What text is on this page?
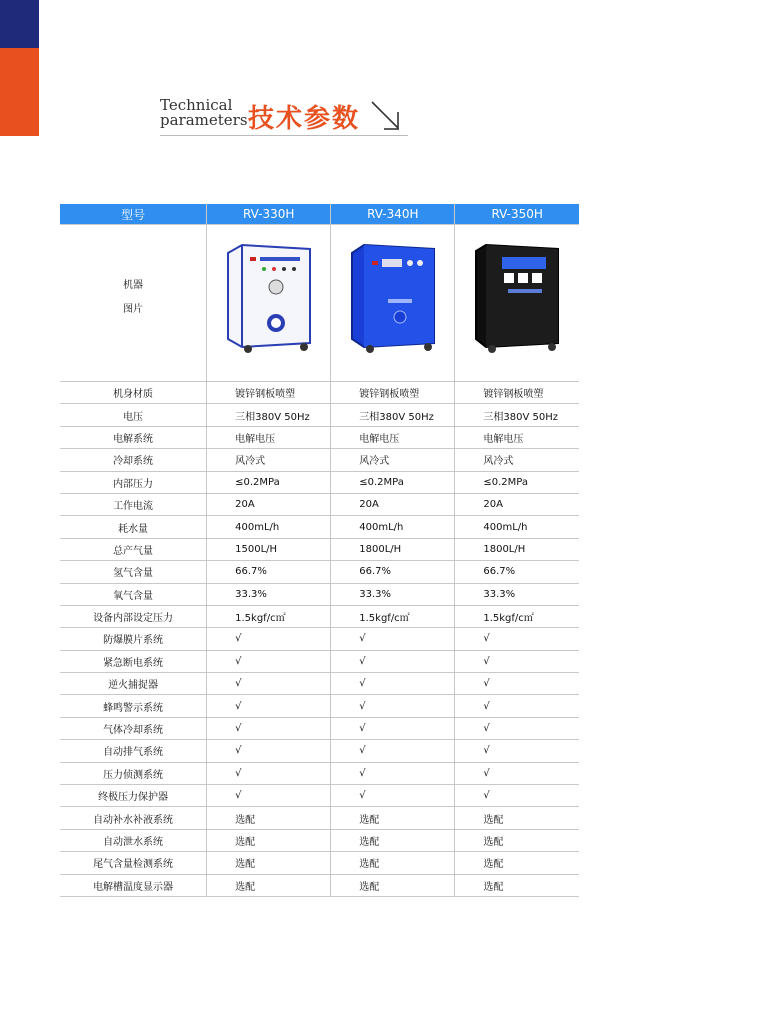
Technical
parameters 技术参数
型号	RV-330H	RV-340H	RV-350H

机器
图片

机身材质	镀锌钢板喷塑	镀锌钢板喷塑	镀锌钢板喷塑
电压	三相380V 50Hz	三相380V 50Hz	三相380V 50Hz
电解系统	电解电压	电解电压	电解电压
冷却系统	风冷式	风冷式	风冷式
内部压力	≤0.2MPa	≤0.2MPa	≤0.2MPa
工作电流	20A	20A	20A
耗水量	400mL/h	400mL/h	400mL/h
总产气量	1500L/H	1800L/H	1800L/H
氢气含量	66.7%	66.7%	66.7%
氧气含量	33.3%	33.3%	33.3%
设备内部设定压力	1.5kgf/c㎡	1.5kgf/c㎡	1.5kgf/c㎡
防爆膜片系统	√	√	√
紧急断电系统	√	√	√
逆火捕捉器	√	√	√
蜂鸣警示系统	√	√	√
气体冷却系统	√	√	√
自动排气系统	√	√	√
压力侦测系统	√	√	√
终极压力保护器	√	√	√
自动补水补液系统	选配	选配	选配
自动泄水系统	选配	选配	选配
尾气含量检测系统	选配	选配	选配
电解槽温度显示器	选配	选配	选配
